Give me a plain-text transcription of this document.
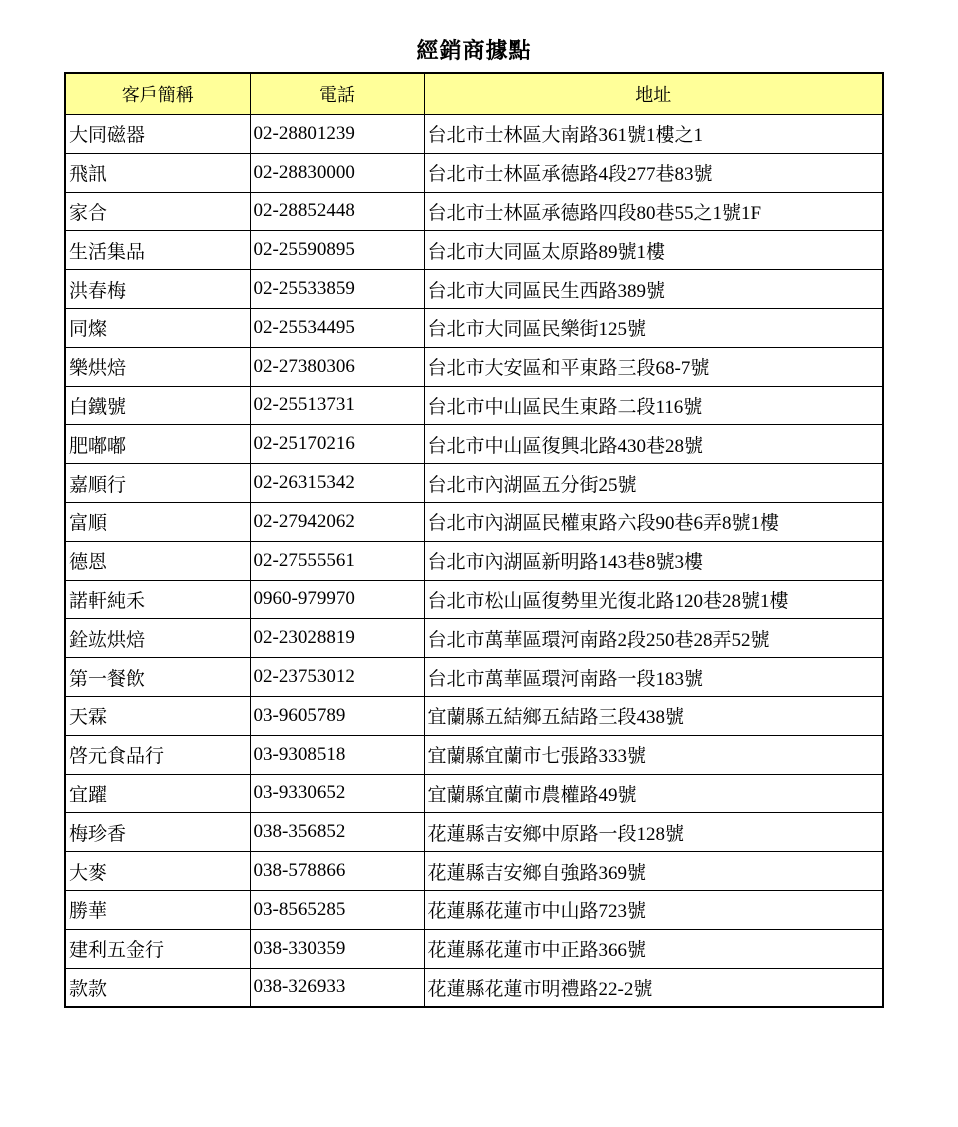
經銷商據點
客戶簡稱	電話	地址
大同磁器	02-28801239	台北市士林區大南路361號1樓之1
飛訊	02-28830000	台北市士林區承德路4段277巷83號
家合	02-28852448	台北市士林區承德路四段80巷55之1號1F
生活集品	02-25590895	台北市大同區太原路89號1樓
洪春梅	02-25533859	台北市大同區民生西路389號
同燦	02-25534495	台北市大同區民樂街125號
樂烘焙	02-27380306	台北市大安區和平東路三段68-7號
白鐵號	02-25513731	台北市中山區民生東路二段116號
肥嘟嘟	02-25170216	台北市中山區復興北路430巷28號
嘉順行	02-26315342	台北市內湖區五分街25號
富順	02-27942062	台北市內湖區民權東路六段90巷6弄8號1樓
德恩	02-27555561	台北市內湖區新明路143巷8號3樓
諾軒純禾	0960-979970	台北市松山區復勢里光復北路120巷28號1樓
銓竑烘焙	02-23028819	台北市萬華區環河南路2段250巷28弄52號
第一餐飲	02-23753012	台北市萬華區環河南路一段183號
天霖	03-9605789	宜蘭縣五結鄉五結路三段438號
啓元食品行	03-9308518	宜蘭縣宜蘭市七張路333號
宜躍	03-9330652	宜蘭縣宜蘭市農權路49號
梅珍香	038-356852	花蓮縣吉安鄉中原路一段128號
大麥	038-578866	花蓮縣吉安鄉自強路369號
勝華	03-8565285	花蓮縣花蓮市中山路723號
建利五金行	038-330359	花蓮縣花蓮市中正路366號
款款	038-326933	花蓮縣花蓮市明禮路22-2號
